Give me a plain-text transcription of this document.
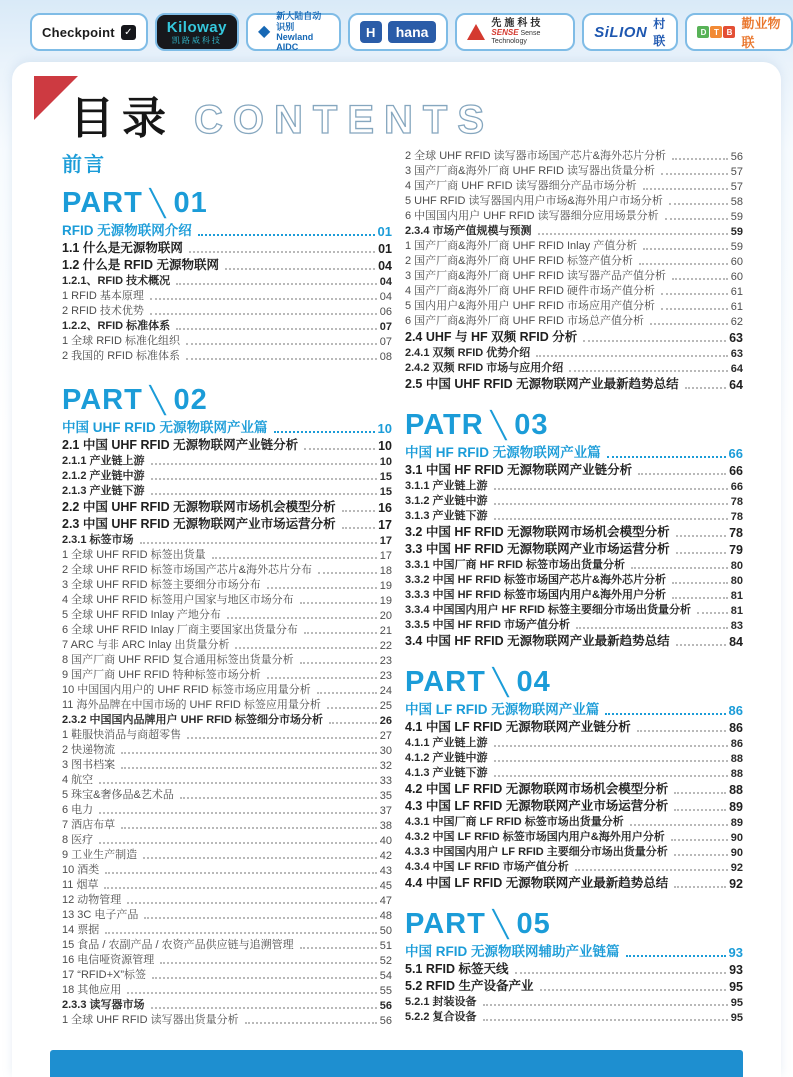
Checkpoint ✓ Kiloway
凯路威科技 ◆
新大陆自动识别
Newland AIDC
H	hana
先施科技
SENSE Sense Technology
SiLION 村联
D T B
勤业物联
目录 CONTENTS
前言
PART ╲ 01
RFID 无源物联网介绍	01
1.1 什么是无源物联网	01
1.2 什么是 RFID 无源物联网	04
1.2.1、RFID 技术概况	04
1 RFID 基本原理	04
2 RFID 技术优势	06
1.2.2、RFID 标准体系	07
1 全球 RFID 标准化组织	07
2 我国的 RFID 标准体系	08
PART ╲ 02
中国 UHF RFID 无源物联网产业篇	10
2.1 中国 UHF RFID 无源物联网产业链分析	10
2.1.1 产业链上游	10
2.1.2 产业链中游	15
2.1.3 产业链下游	15
2.2 中国 UHF RFID 无源物联网市场机会模型分析	16
2.3 中国 UHF RFID 无源物联网产业市场运营分析	17
2.3.1 标签市场	17
1 全球 UHF RFID 标签出货量	17
2 全球 UHF RFID 标签市场国产芯片&海外芯片分布	18
3 全球 UHF RFID 标签主要细分市场分布	19
4 全球 UHF RFID 标签用户国家与地区市场分布	19
5 全球 UHF RFID Inlay 产地分布	20
6 全球 UHF RFID Inlay 厂商主要国家出货量分布	21
7 ARC 与非 ARC Inlay 出货量分析	22
8 国产厂商 UHF RFID 复合通用标签出货量分析	23
9 国产厂商 UHF RFID 特种标签市场分析	23
10 中国国内用户的 UHF RFID 标签市场应用量分析	24
11 海外品牌在中国市场的 UHF RFID 标签应用量分析	25
2.3.2 中国国内品牌用户 UHF RFID 标签细分市场分析	26
1 鞋服快消品与商超零售	27
2 快递物流	30
3 图书档案	32
4 航空	33
5 珠宝&奢侈品&艺术品	35
6 电力	37
7 酒店布草	38
8 医疗	40
9 工业生产制造	42
10 酒类	43
11 烟草	45
12 动物管理	47
13 3C 电子产品	48
14 票据	50
15 食品 / 农副产品 / 农资产品供应链与追溯管理	51
16 电信哑资源管理	52
17 “RFID+X”标签	54
18 其他应用	55
2.3.3 读写器市场	56
1 全球 UHF RFID 读写器出货量分析	56
2 全球 UHF RFID 读写器市场国产芯片&海外芯片分析	56
3 国产厂商&海外厂商 UHF RFID 读写器出货量分析	57
4 国产厂商 UHF RFID 读写器细分产品市场分析	57
5 UHF RFID 读写器国内用户市场&海外用户市场分析	58
6 中国国内用户 UHF RFID 读写器细分应用场景分析	59
2.3.4 市场产值规模与预测	59
1 国产厂商&海外厂商 UHF RFID Inlay 产值分析	59
2 国产厂商&海外厂商 UHF RFID 标签产值分析	60
3 国产厂商&海外厂商 UHF RFID 读写器产品产值分析	60
4 国产厂商&海外厂商 UHF RFID 硬件市场产值分析	61
5 国内用户&海外用户 UHF RFID 市场应用产值分析	61
6 国产厂商&海外厂商 UHF RFID 市场总产值分析	62
2.4 UHF 与 HF 双频 RFID 分析	63
2.4.1 双频 RFID 优势介绍	63
2.4.2 双频 RFID 市场与应用介绍	64
2.5 中国 UHF RFID 无源物联网产业最新趋势总结	64
PATR ╲ 03
中国 HF RFID 无源物联网产业篇	66
3.1 中国 HF RFID 无源物联网产业链分析	66
3.1.1 产业链上游	66
3.1.2 产业链中游	78
3.1.3 产业链下游	78
3.2 中国 HF RFID 无源物联网市场机会模型分析	78
3.3 中国 HF RFID 无源物联网产业市场运营分析	79
3.3.1 中国厂商 HF RFID 标签市场出货量分析	80
3.3.2 中国 HF RFID 标签市场国产芯片&海外芯片分析	80
3.3.3 中国 HF RFID 标签市场国内用户&海外用户分析	81
3.3.4 中国国内用户 HF RFID 标签主要细分市场出货量分析	81
3.3.5 中国 HF RFID 市场产值分析	83
3.4 中国 HF RFID 无源物联网产业最新趋势总结	84
PART ╲ 04
中国 LF RFID 无源物联网产业篇	86
4.1 中国 LF RFID 无源物联网产业链分析	86
4.1.1 产业链上游	86
4.1.2 产业链中游	88
4.1.3 产业链下游	88
4.2 中国 LF RFID 无源物联网市场机会模型分析	88
4.3 中国 LF RFID 无源物联网产业市场运营分析	89
4.3.1 中国厂商 LF RFID 标签市场出货量分析	89
4.3.2 中国 LF RFID 标签市场国内用户&海外用户分析	90
4.3.3 中国国内用户 LF RFID 主要细分市场出货量分析	90
4.3.4 中国 LF RFID 市场产值分析	92
4.4 中国 LF RFID 无源物联网产业最新趋势总结	92
PART ╲ 05
中国 RFID 无源物联网辅助产业链篇	93
5.1 RFID 标签天线	93
5.2 RFID 生产设备产业	95
5.2.1 封装设备	95
5.2.2 复合设备	95
